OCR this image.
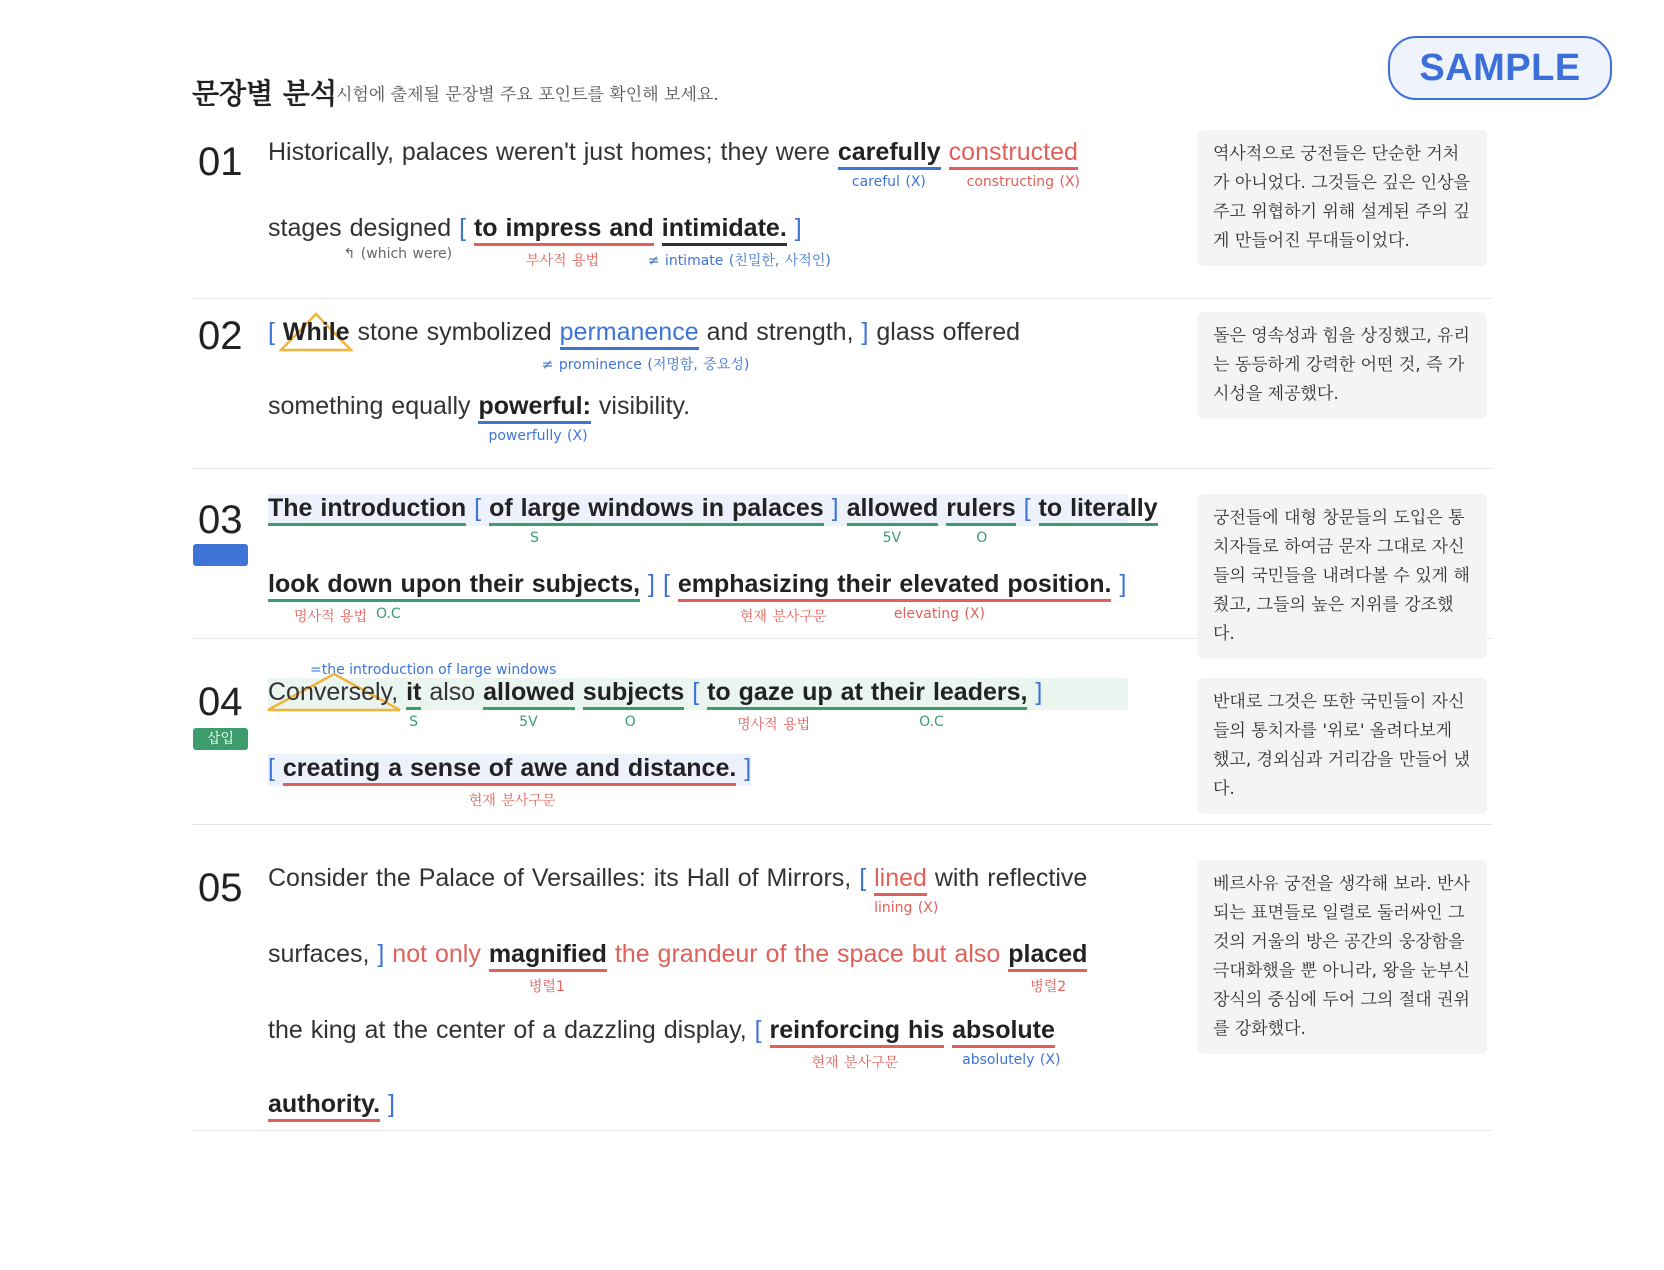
SAMPLE
문장별 분석 시험에 출제될 문장별 주요 포인트를 확인해 보세요.
01 Historically, palaces weren't just homes; they were carefully
careful (X)
constructed
constructing (X)
stages designed
↰ (which were)
[ to impress and
부사적 용법
intimidate.
≠ intimate (친밀한, 사적인)
]
역사적으로 궁전들은 단순한 거처가 아니었다. 그것들은 깊은 인상을 주고 위협하기 위해 설계된 주의 깊게 만들어진 무대들이었다.
02 [ While stone symbolized permanence
≠ prominence (저명함, 중요성)
and strength, ] glass offered
something equally powerful:
powerfully (X)
visibility.
돌은 영속성과 힘을 상징했고, 유리는 동등하게 강력한 어떤 것, 즉 가시성을 제공했다.
03
서술형
The introduction
S
[ of large windows in palaces ] allowed
5V
rulers
O
[ to literally
look down upon their subjects,
명사적 용법 O.C
] [ emphasizing their elevated position.
현재 분사구문	elevating (X)
]
궁전들에 대형 창문들의 도입은 통치자들로 하여금 문자 그대로 자신들의 국민들을 내려다볼 수 있게 해줬고, 그들의 높은 지위를 강조했다.
04
삽입
=the introduction of large windows
Conversely, it
S
also allowed
5V
subjects
O
[ to gaze up at their leaders,
명사적 용법	O.C
]
[ creating a sense of awe and distance.
현재 분사구문
]
반대로 그것은 또한 국민들이 자신들의 통치자를 '위로' 올려다보게 했고, 경외심과 거리감을 만들어 냈다.
05 Consider the Palace of Versailles: its Hall of Mirrors, [ lined
lining (X)
with reflective
surfaces, ] not only magnified
병렬1
the grandeur of the space but also placed
병렬2
the king at the center of a dazzling display, [ reinforcing his
현재 분사구문
absolute
absolutely (X)
authority. ]
베르사유 궁전을 생각해 보라. 반사되는 표면들로 일렬로 둘러싸인 그것의 거울의 방은 공간의 웅장함을 극대화했을 뿐 아니라, 왕을 눈부신 장식의 중심에 두어 그의 절대 권위를 강화했다.
